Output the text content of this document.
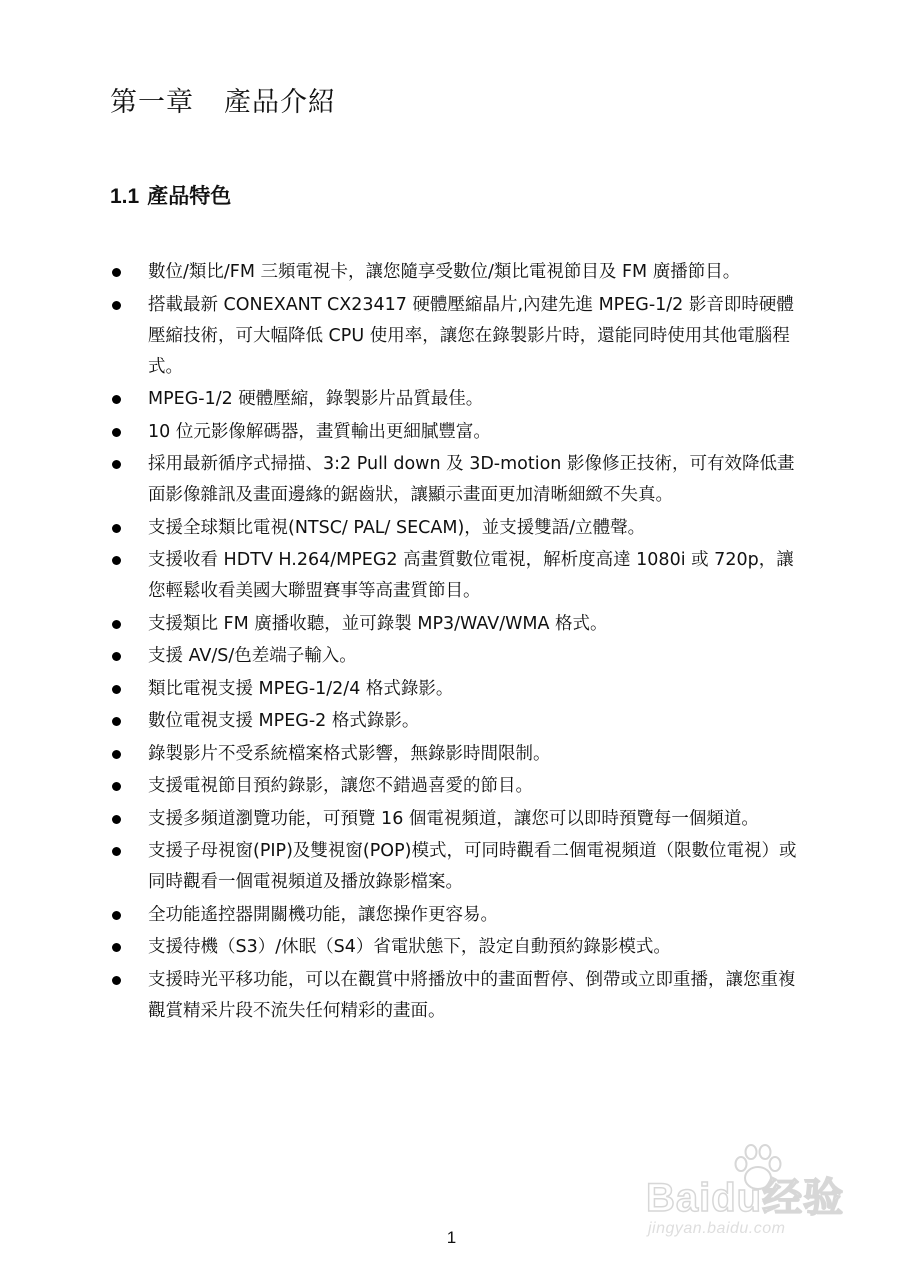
第一章 產品介紹
1.1 產品特色
數位/類比/FM 三頻電視卡，讓您隨享受數位/類比電視節目及 FM 廣播節目。
搭載最新 CONEXANT CX23417 硬體壓縮晶片,內建先進 MPEG-1/2 影音即時硬體壓縮技術，可大幅降低 CPU 使用率，讓您在錄製影片時，還能同時使用其他電腦程式。
MPEG-1/2 硬體壓縮，錄製影片品質最佳。
10 位元影像解碼器，畫質輸出更細膩豐富。
採用最新循序式掃描、3:2 Pull down 及 3D-motion 影像修正技術，可有效降低畫面影像雜訊及畫面邊緣的鋸齒狀，讓顯示畫面更加清晰細緻不失真。
支援全球類比電視(NTSC/ PAL/ SECAM)，並支援雙語/立體聲。
支援收看 HDTV H.264/MPEG2 高畫質數位電視，解析度高達 1080i 或 720p，讓您輕鬆收看美國大聯盟賽事等高畫質節目。
支援類比 FM 廣播收聽，並可錄製 MP3/WAV/WMA 格式。
支援 AV/S/色差端子輸入。
類比電視支援 MPEG-1/2/4 格式錄影。
數位電視支援 MPEG-2 格式錄影。
錄製影片不受系統檔案格式影響，無錄影時間限制。
支援電視節目預約錄影，讓您不錯過喜愛的節目。
支援多頻道瀏覽功能，可預覽 16 個電視頻道，讓您可以即時預覽每一個頻道。
支援子母視窗(PIP)及雙視窗(POP)模式，可同時觀看二個電視頻道（限數位電視）或同時觀看一個電視頻道及播放錄影檔案。
全功能遙控器開關機功能，讓您操作更容易。
支援待機（S3）/休眠（S4）省電狀態下，設定自動預約錄影模式。
支援時光平移功能，可以在觀賞中將播放中的畫面暫停、倒帶或立即重播，讓您重複觀賞精采片段不流失任何精彩的畫面。
Baidu经验
jingyan.baidu.com
1
